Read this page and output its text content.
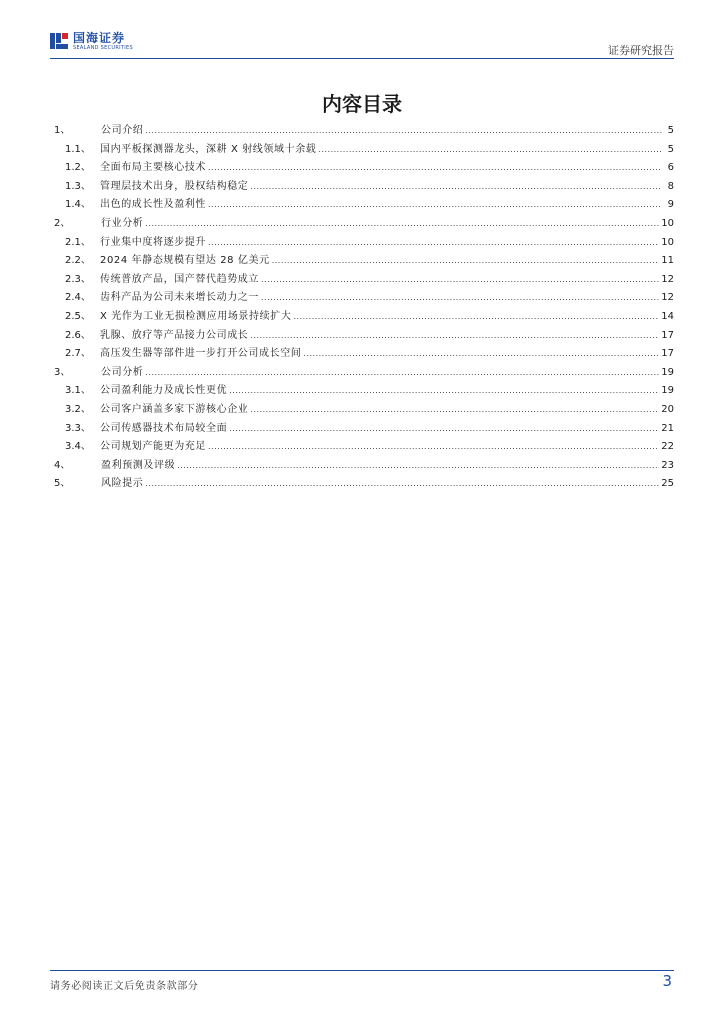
国海证券
SEALAND SECURITIES	证券研究报告
内容目录
1、	公司介绍 .....	5
1.1、 国内平板探测器龙头，深耕 X 射线领域十余载 .....	5
1.2、 全面布局主要核心技术 .....	6
1.3、 管理层技术出身，股权结构稳定 .....	8
1.4、 出色的成长性及盈利性 .....	9
2、	行业分析 .....	10
2.1、 行业集中度将逐步提升 .....	10
2.2、 2024 年静态规模有望达 28 亿美元 .....	11
2.3、 传统普放产品，国产替代趋势成立 .....	12
2.4、 齿科产品为公司未来增长动力之一 .....	12
2.5、 X 光作为工业无损检测应用场景持续扩大 .....	14
2.6、 乳腺、放疗等产品接力公司成长 .....	17
2.7、 高压发生器等部件进一步打开公司成长空间 .....	17
3、	公司分析 .....	19
3.1、 公司盈利能力及成长性更优 .....	19
3.2、 公司客户涵盖多家下游核心企业 .....	20
3.3、 公司传感器技术布局较全面 .....	21
3.4、 公司规划产能更为充足 .....	22
4、	盈利预测及评级 .....	23
5、	风险提示 .....	25
请务必阅读正文后免责条款部分	3
